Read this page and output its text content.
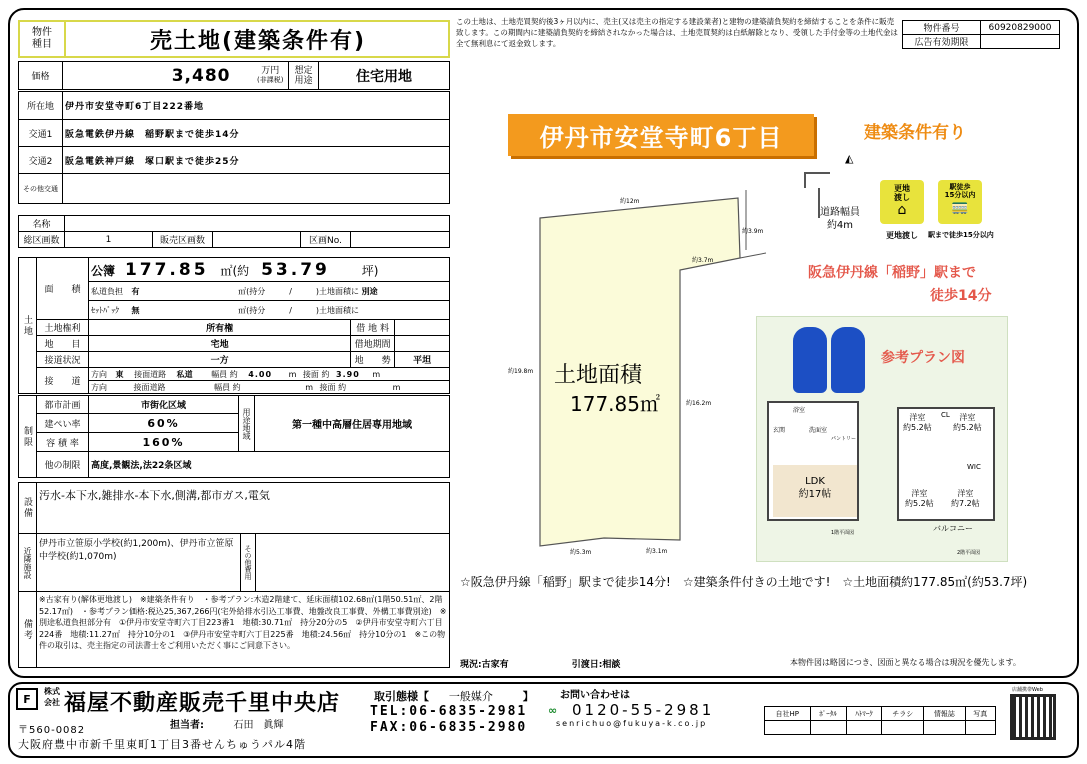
物件
種目	売土地(建築条件有)
価格	3,480	万円
(非課税)
	想定
用途	住宅用地
所在地	伊丹市安堂寺町6丁目222番地
交通1	阪急電鉄伊丹線　稲野駅まで徒歩14分
交通2	阪急電鉄神戸線　塚口駅まで徒歩25分
その他交通	
名称					
総区画数	1	販売区画数		区画No.	
土地	面　　積	公簿 177.85 ㎡(約 53.79 坪)		
		私道負担 有 ㎡(持分　　　/　　　)土地面積に 別途		
		ｾｯﾄﾊﾞｯｸ 無 ㎡(持分　　　/　　　)土地面積に		
	土地権利	所有権	借 地 料	
	地　　目	宅地	借地期間	
	接道状況	一方	地　　勢	平坦
	接　　道	方向 東 接面道路 私道 幅員 約 4.00 m 接面 約 3.90 m		
		方向 接面道路 幅員 約 m 接面 約 m		
制限	都市計画	市街化区域	用途地域	第一種中高層住居専用地域
	建ぺい率	60%		
	容 積 率	160%		
	他の制限	高度,景観法,法22条区域		
設備	汚水-本下水,雑排水-本下水,側溝,都市ガス,電気
近隣施設	伊丹市立笹原小学校(約1,200m)、伊丹市立笹原中学校(約1,070m)	その他費用	
備考	※古家有り(解体更地渡し)　※建築条件有り　・参考プラン:木造2階建て、延床面積102.68㎡(1階50.51㎡、2階52.17㎡)　・参考プラン価格:税込25,367,266円(宅外給排水引込工事費、地盤改良工事費、外構工事費別途)　※別途私道負担部分有　①伊丹市安堂寺町六丁目223番1　地積:30.71㎡　持分20分の5　②伊丹市安堂寺町六丁目224番　地積:11.27㎡　持分10分の1　③伊丹市安堂寺町六丁目225番　地積:24.56㎡　持分10分の1　※この物件の取引は、売主指定の司法書士をご利用いただく事にご同意下さい。
この土地は、土地売買契約後3ヶ月以内に、売主(又は売主の指定する建設業者)と建物の建築請負契約を締結することを条件に販売致します。この期間内に建築請負契約を締結されなかった場合は、土地売買契約は白紙解除となり、受領した手付金等の土地代金は全て無利息にて返金致します。
物件番号	60920829000
広告有効期限	
伊丹市安堂寺町6丁目	建築条件有り
◭
約12m
約3.9m
約3.7m
約19.8m
約16.2m
約5.3m	約3.1m
道路幅員
約4m
土地面積
177.85㎡
更地
渡し
⌂
更地渡し
駅徒歩
15分以内
🚃
駅まで徒歩15分以内
阪急伊丹線「稲野」駅まで
徒歩14分
参考プラン図
浴室
玄関	洗面室
パントリー
LDK
約17帖
1階平面図
洋室
約5.2帖
洋室
約5.2帖
CL
WIC
洋室
約5.2帖
洋室
約7.2帖
バルコニー
2階平面図
☆阪急伊丹線「稲野」駅まで徒歩14分!　☆建築条件付きの土地です!　☆土地面積約177.85㎡(約53.7坪)
現況:古家有	引渡日:相談	本物件図は略図につき、図面と異なる場合は現況を優先します。
F
株式
会社 福屋不動産販売千里中央店
〒560-0082
大阪府豊中市新千里東町1丁目3番せんちゅうパル4階
担当者:	石田　眞輝
取引態様【 一般媒介	】
TEL:06-6835-2981
FAX:06-6835-2980
お問い合わせは
∞ 0120-55-2981
senrichuo@fukuya-k.co.jp
自社HP	ﾎﾟｰﾀﾙ	ﾊﾄﾏｰｸ	チラシ	情報誌	写真

店舗携帯Web
